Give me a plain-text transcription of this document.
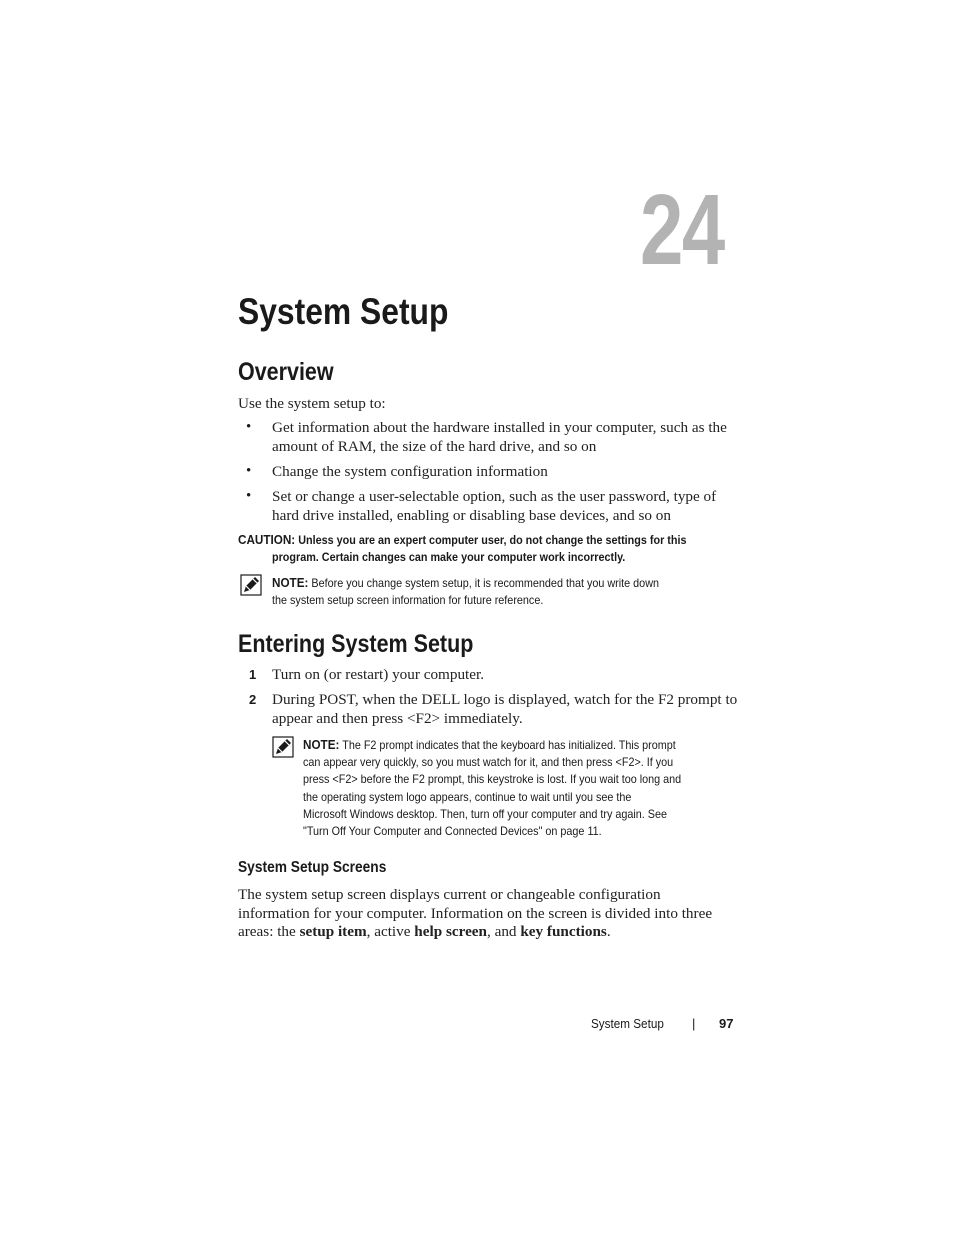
24
System Setup
Overview
Use the system setup to:
•	Get information about the hardware installed in your computer, such as the amount of RAM, the size of the hard drive, and so on
•	Change the system configuration information
•	Set or change a user-selectable option, such as the user password, type of hard drive installed, enabling or disabling base devices, and so on
CAUTION: Unless you are an expert computer user, do not change the settings for this
program. Certain changes can make your computer work incorrectly.
NOTE: Before you change system setup, it is recommended that you write down
the system setup screen information for future reference.
Entering System Setup
1 Turn on (or restart) your computer.
2 During POST, when the DELL logo is displayed, watch for the F2 prompt to appear and then press <F2> immediately.
NOTE: The F2 prompt indicates that the keyboard has initialized. This prompt
can appear very quickly, so you must watch for it, and then press <F2>. If you
press <F2> before the F2 prompt, this keystroke is lost. If you wait too long and
the operating system logo appears, continue to wait until you see the
Microsoft Windows desktop. Then, turn off your computer and try again. See
"Turn Off Your Computer and Connected Devices" on page 11.
System Setup Screens
The system setup screen displays current or changeable configuration information for your computer. Information on the screen is divided into three areas: the setup item, active help screen, and key functions.
System Setup | 97
